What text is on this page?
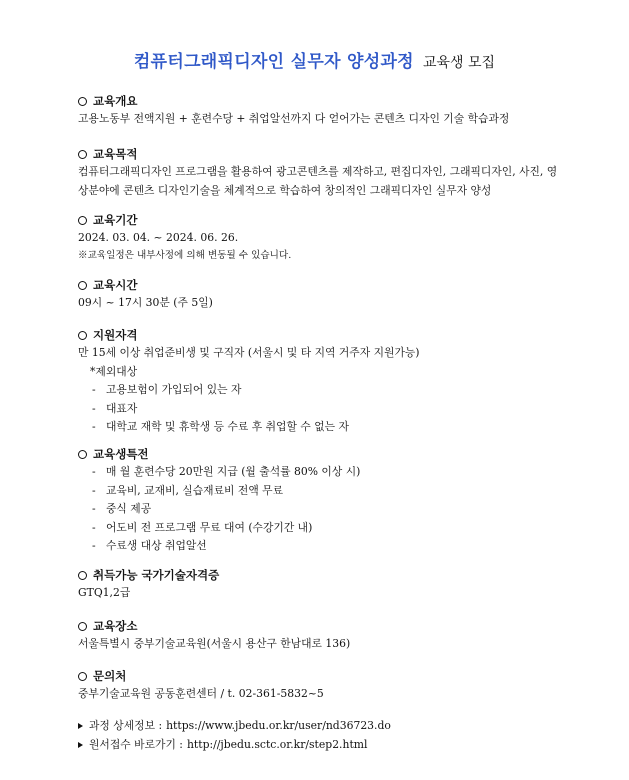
컴퓨터그래픽디자인 실무자 양성과정 교육생 모집
교육개요
고용노동부 전액지원 + 훈련수당 + 취업알선까지 다 얻어가는 콘텐츠 디자인 기술 학습과정
교육목적
컴퓨터그래픽디자인 프로그램을 활용하여 광고콘텐츠를 제작하고, 편집디자인, 그래픽디자인, 사진, 영
상분야에 콘텐츠 디자인기술을 체계적으로 학습하여 창의적인 그래픽디자인 실무자 양성
교육기간
2024. 03. 04. ~ 2024. 06. 26.
※교육일정은 내부사정에 의해 변동될 수 있습니다.
교육시간
09시 ~ 17시 30분 (주 5일)
지원자격
만 15세 이상 취업준비생 및 구직자 (서울시 및 타 지역 거주자 지원가능)
*제외대상
- 고용보험이 가입되어 있는 자
- 대표자
- 대학교 재학 및 휴학생 등 수료 후 취업할 수 없는 자
교육생특전
- 매 월 훈련수당 20만원 지급 (월 출석률 80% 이상 시)
- 교육비, 교재비, 실습재료비 전액 무료
- 중식 제공
- 어도비 전 프로그램 무료 대여 (수강기간 내)
- 수료생 대상 취업알선
취득가능 국가기술자격증
GTQ1,2급
교육장소
서울특별시 중부기술교육원(서울시 용산구 한남대로 136)
문의처
중부기술교육원 공동훈련센터 / t. 02-361-5832~5
과정 상세정보 : https://www.jbedu.or.kr/user/nd36723.do
원서접수 바로가기 : http://jbedu.sctc.or.kr/step2.html
